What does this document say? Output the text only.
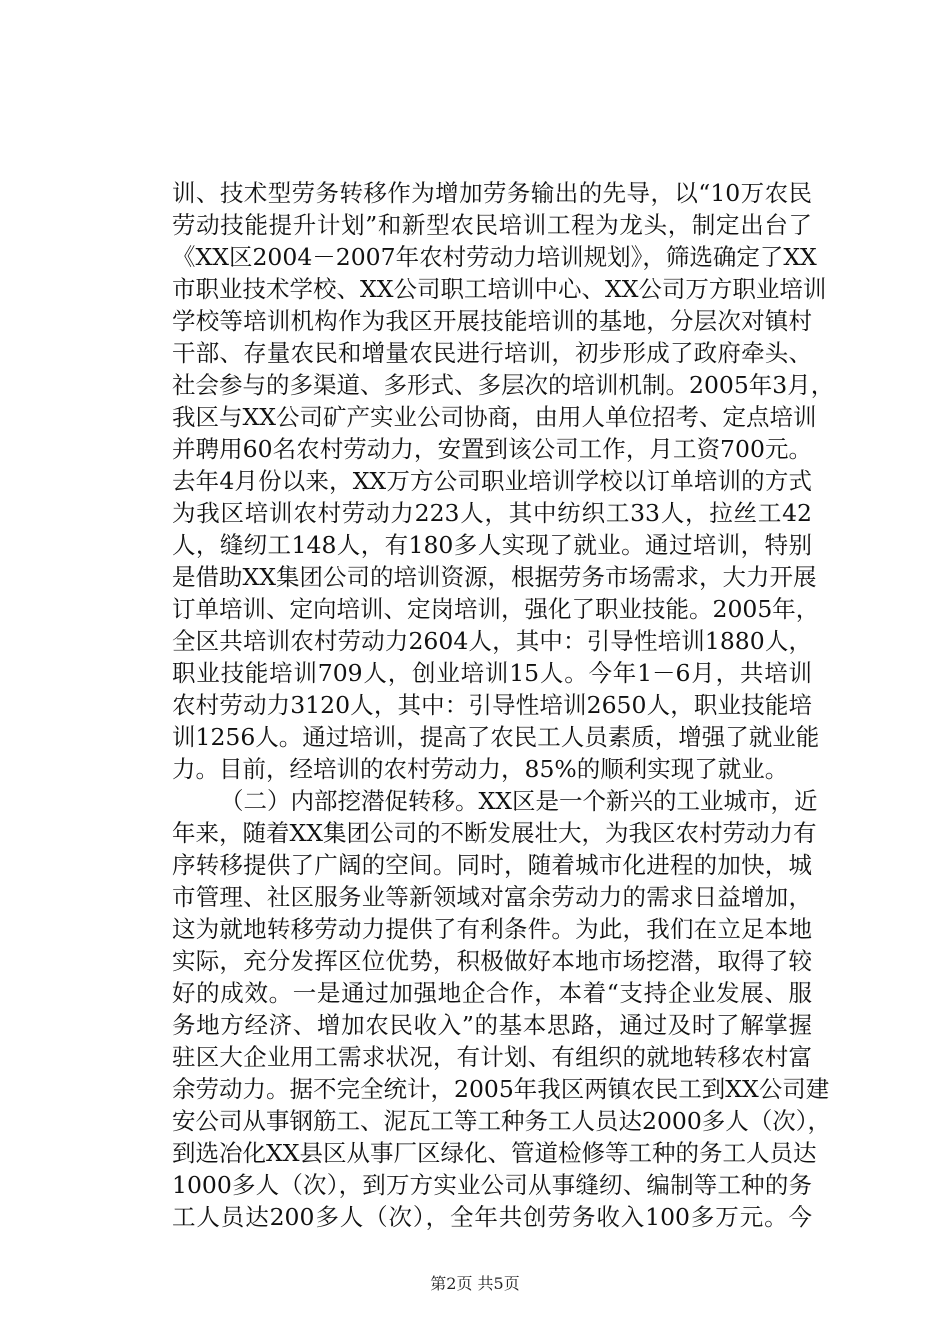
训、技术型劳务转移作为增加劳务输出的先导，以“10万农民
劳动技能提升计划”和新型农民培训工程为龙头，制定出台了
《XX区2004－2007年农村劳动力培训规划》，筛选确定了XX
市职业技术学校、XX公司职工培训中心、XX公司万方职业培训
学校等培训机构作为我区开展技能培训的基地，分层次对镇村
干部、存量农民和增量农民进行培训，初步形成了政府牵头、
社会参与的多渠道、多形式、多层次的培训机制。2005年3月，
我区与XX公司矿产实业公司协商，由用人单位招考、定点培训
并聘用60名农村劳动力，安置到该公司工作，月工资700元。
去年4月份以来，XX万方公司职业培训学校以订单培训的方式
为我区培训农村劳动力223人，其中纺织工33人，拉丝工42
人，缝纫工148人，有180多人实现了就业。通过培训，特别
是借助XX集团公司的培训资源，根据劳务市场需求，大力开展
订单培训、定向培训、定岗培训，强化了职业技能。2005年，
全区共培训农村劳动力2604人，其中：引导性培训1880人，
职业技能培训709人，创业培训15人。今年1－6月，共培训
农村劳动力3120人，其中：引导性培训2650人，职业技能培
训1256人。通过培训，提高了农民工人员素质，增强了就业能
力。目前，经培训的农村劳动力，85%的顺利实现了就业。
（二）内部挖潜促转移。XX区是一个新兴的工业城市，近
年来，随着XX集团公司的不断发展壮大，为我区农村劳动力有
序转移提供了广阔的空间。同时，随着城市化进程的加快，城
市管理、社区服务业等新领域对富余劳动力的需求日益增加，
这为就地转移劳动力提供了有利条件。为此，我们在立足本地
实际，充分发挥区位优势，积极做好本地市场挖潜，取得了较
好的成效。一是通过加强地企合作，本着“支持企业发展、服
务地方经济、增加农民收入”的基本思路，通过及时了解掌握
驻区大企业用工需求状况，有计划、有组织的就地转移农村富
余劳动力。据不完全统计，2005年我区两镇农民工到XX公司建
安公司从事钢筋工、泥瓦工等工种务工人员达2000多人（次），
到选冶化XX县区从事厂区绿化、管道检修等工种的务工人员达
1000多人（次），到万方实业公司从事缝纫、编制等工种的务
工人员达200多人（次），全年共创劳务收入100多万元。今
第2页 共5页
